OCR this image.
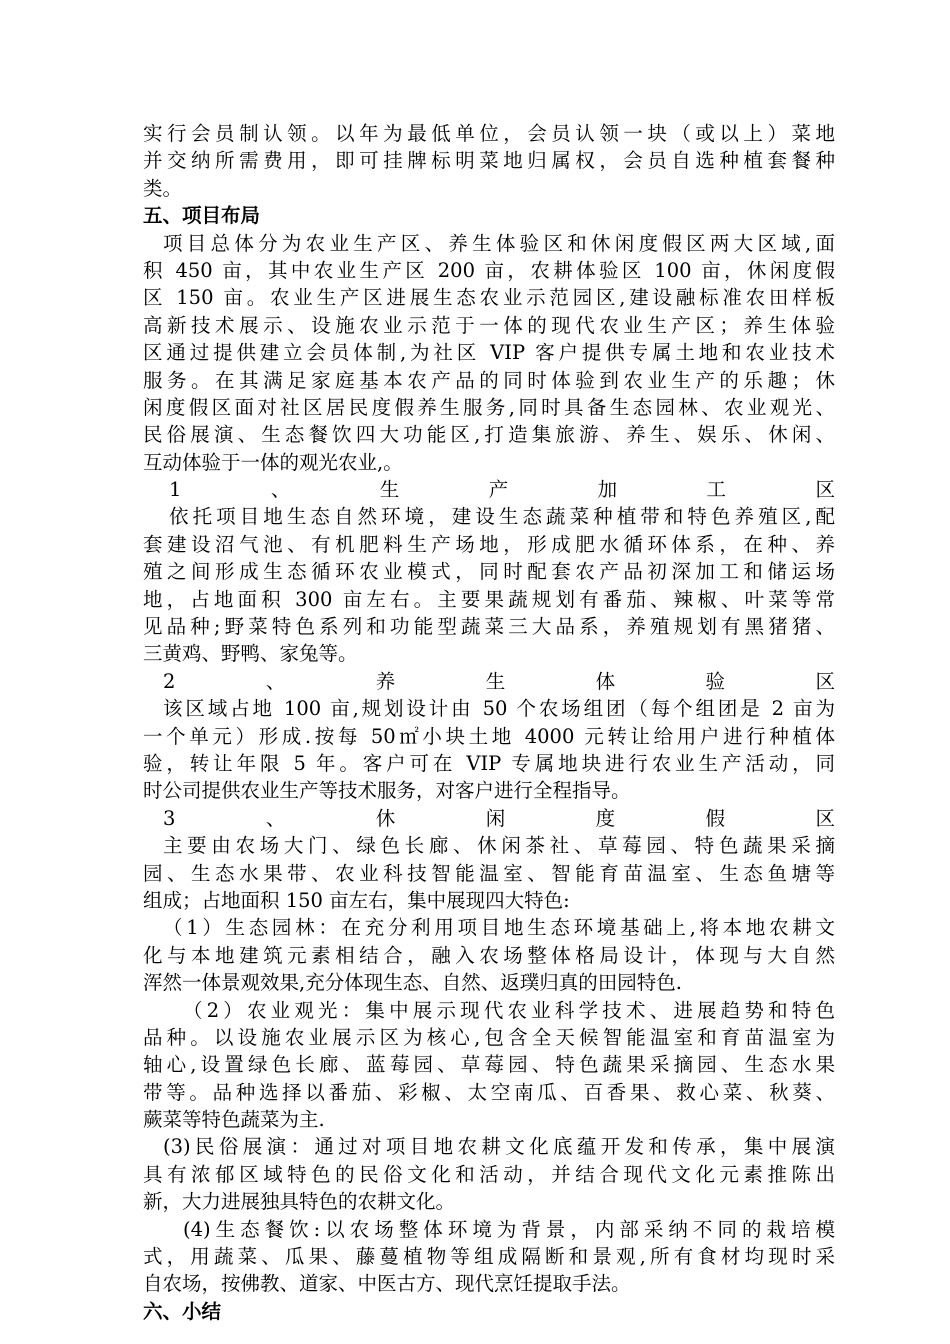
实行会员制认领。以年为最低单位，会员认领一块（或以上）菜地
并交纳所需费用，即可挂牌标明菜地归属权，会员自选种植套餐种
类。
五、项目布局
项目总体分为农业生产区、养生体验区和休闲度假区两大区域,面
积 450 亩，其中农业生产区 200 亩，农耕体验区 100 亩，休闲度假
区 150 亩。农业生产区进展生态农业示范园区,建设融标准农田样板
高新技术展示、设施农业示范于一体的现代农业生产区；养生体验
区通过提供建立会员体制,为社区 VIP 客户提供专属土地和农业技术
服务。在其满足家庭基本农产品的同时体验到农业生产的乐趣；休
闲度假区面对社区居民度假养生服务,同时具备生态园林、农业观光、
民俗展演、生态餐饮四大功能区,打造集旅游、养生、娱乐、休闲、
互动体验于一体的观光农业,。
1、生产加工区
依托项目地生态自然环境，建设生态蔬菜种植带和特色养殖区,配
套建设沼气池、有机肥料生产场地，形成肥水循环体系，在种、养
殖之间形成生态循环农业模式，同时配套农产品初深加工和储运场
地，占地面积 300 亩左右。主要果蔬规划有番茄、辣椒、叶菜等常
见品种;野菜特色系列和功能型蔬菜三大品系，养殖规划有黑猪猪、
三黄鸡、野鸭、家兔等。
2、养生体验区
该区域占地 100 亩,规划设计由 50 个农场组团（每个组团是 2 亩为
一个单元）形成.按每 50㎡小块土地 4000 元转让给用户进行种植体
验，转让年限 5 年。客户可在 VIP 专属地块进行农业生产活动，同
时公司提供农业生产等技术服务，对客户进行全程指导。
3、休闲度假区
主要由农场大门、绿色长廊、休闲茶社、草莓园、特色蔬果采摘
园、生态水果带、农业科技智能温室、智能育苗温室、生态鱼塘等
组成；占地面积 150 亩左右，集中展现四大特色:
（1）生态园林：在充分利用项目地生态环境基础上,将本地农耕文
化与本地建筑元素相结合，融入农场整体格局设计，体现与大自然
浑然一体景观效果,充分体现生态、自然、返璞归真的田园特色.
（2）农业观光：集中展示现代农业科学技术、进展趋势和特色
品种。以设施农业展示区为核心,包含全天候智能温室和育苗温室为
轴心,设置绿色长廊、蓝莓园、草莓园、特色蔬果采摘园、生态水果
带等。品种选择以番茄、彩椒、太空南瓜、百香果、救心菜、秋葵、
蕨菜等特色蔬菜为主.
(3)民俗展演：通过对项目地农耕文化底蕴开发和传承，集中展演
具有浓郁区域特色的民俗文化和活动，并结合现代文化元素推陈出
新，大力进展独具特色的农耕文化。
(4)生态餐饮:以农场整体环境为背景，内部采纳不同的栽培模
式，用蔬菜、瓜果、藤蔓植物等组成隔断和景观,所有食材均现时采
自农场，按佛教、道家、中医古方、现代烹饪提取手法。
六、小结
